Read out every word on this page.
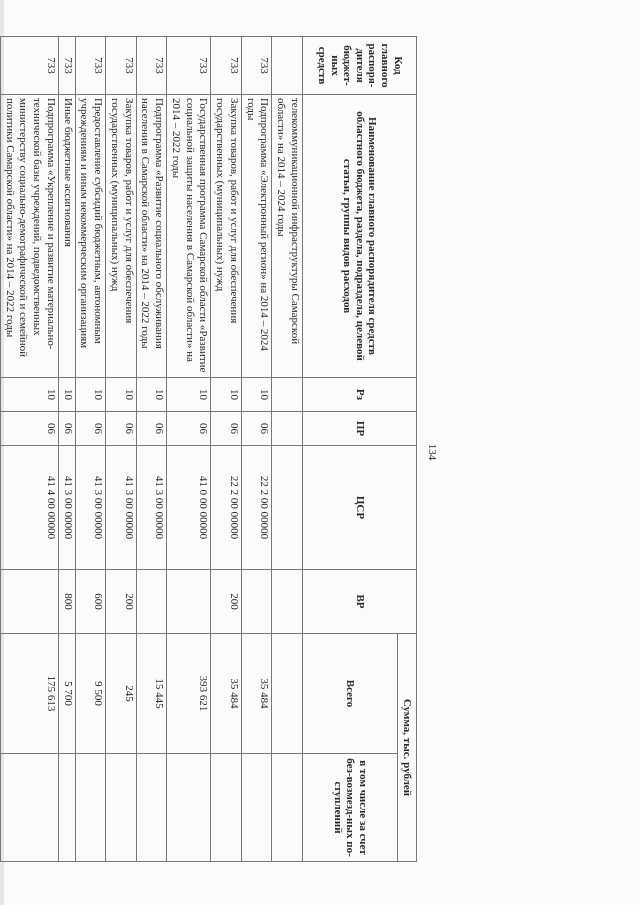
134
Код главного распоря-дителя бюджет-ных средств	Наименование главного распорядителя средств областного бюджета, раздела, подраздела, целевой статьи, группы видов расходов	Рз	ПР	ЦСР	ВР	Сумма, тыс. рублей	
						Всего	в том числе за счет без-возмезд-ных по-ступлений
	телекоммуникационной инфраструктуры Самарской области» на 2014 – 2024 годы						
733	Подпрограмма «Электронный регион» на 2014 – 2024 годы	10	06	22 2 00 00000		35 484	
733	Закупка товаров, работ и услуг для обеспечения государственных (муниципальных) нужд	10	06	22 2 00 00000	200	35 484	
733	Государственная программа Самарской области «Развитие социальной защиты населения в Самарской области» на 2014 – 2022 годы	10	06	41 0 00 00000		393 621	
733	Подпрограмма «Развитие социального обслуживания населения в Самарской области» на 2014 – 2022 годы	10	06	41 3 00 00000		15 445	
733	Закупка товаров, работ и услуг для обеспечения государственных (муниципальных) нужд	10	06	41 3 00 00000	200	245	
733	Предоставление субсидий бюджетным, автономным учреждениям и иным некоммерческим организациям	10	06	41 3 00 00000	600	9 500	
733	Иные бюджетные ассигнования	10	06	41 3 00 00000	800	5 700	
733	Подпрограмма «Укрепление и развитие материально-технической базы учреждений, подведомственных министерству социально-демографической и семейной политики Самарской области» на 2014 – 2022 годы	10	06	41 4 00 00000		175 613	
